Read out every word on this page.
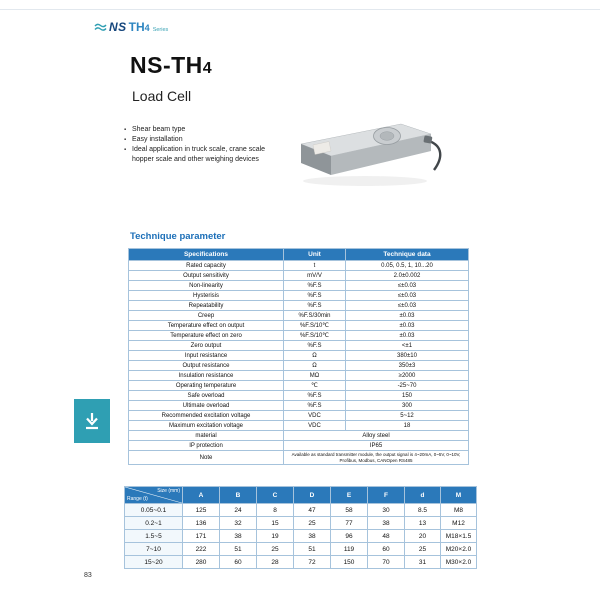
NS TH 4 Series
NS-TH4
Load Cell
▪ Shear beam type
▪ Easy installation
▪ Ideal application in truck scale, crane scale hopper scale and other weighing devices
Technique parameter
Specifications	Unit	Technique data
Rated capacity	t	0.05, 0.5, 1, 10...20
Output sensitivity	mV/V	2.0±0.002
Non-linearity	%F.S	≤±0.03
Hysterisis	%F.S	≤±0.03
Repeatability	%F.S	≤±0.03
Creep	%F.S/30min	±0.03
Temperature effect on output	%F.S/10℃	±0.03
Temperature effect on zero	%F.S/10℃	±0.03
Zero output	%F.S	<±1
Input resistance	Ω	380±10
Output resistance	Ω	350±3
Insulation resistance	MΩ	≥2000
Operating temperature	℃	-25~70
Safe overload	%F.S	150
Ultimate overload	%F.S	300
Recommended excitation voltage	VDC	5~12
Maximum excitation voltage	VDC	18
material	Alloy steel	
IP protection	IP65	
Note	Available as standard transmitter module, the output signal is 4~20mA, 0~5V, 0~10V, Profibus, Modbus, CANOpen RS485	
Size (mm)
Range (t)	A	B	C	D	E	F	d	M
0.05~0.1	125	24	8	47	58	30	8.5	M8
0.2~1	136	32	15	25	77	38	13	M12
1.5~5	171	38	19	38	96	48	20	M18×1.5
7~10	222	51	25	51	119	60	25	M20×2.0
15~20	280	60	28	72	150	70	31	M30×2.0
83
